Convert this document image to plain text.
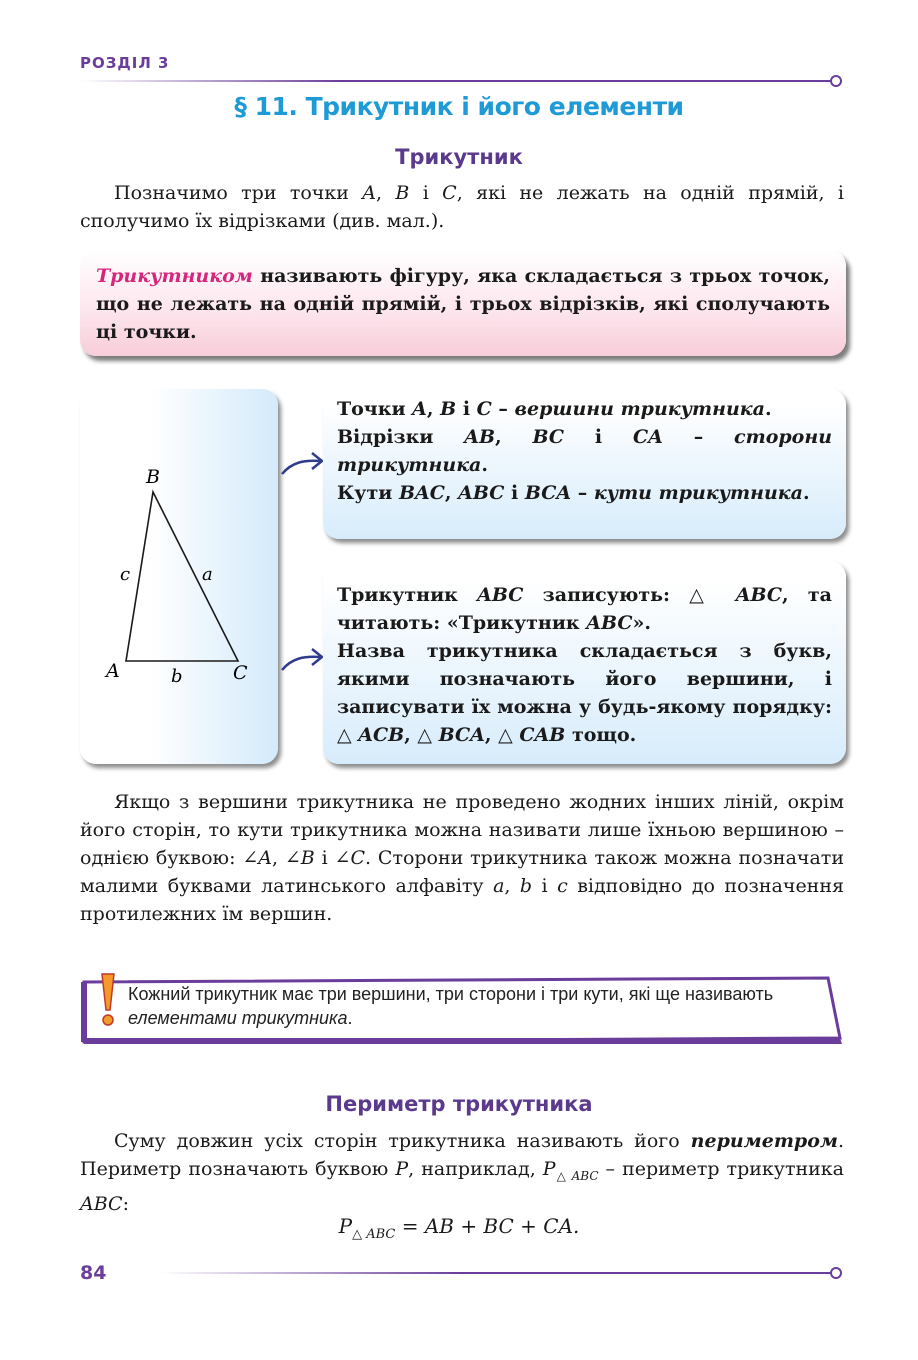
РОЗДІЛ 3
§ 11. Трикутник і його елементи
Трикутник

Позначимо три точки A, B і C, які не лежать на одній прямій, і сполучимо їх відрізками (див. мал.).

Трикутником називають фігуру, яка складається з трьох точок, що не лежать на одній прямій, і трьох відрізків, які сполучають ці точки.

B
A	C
c	a
b

Точки A, B і C – вершини трикутника.

Відрізки AB, BC і CA – сторони трикутника.

Кути BAC, ABC і BCA – кути трикутника.

Трикутник ABC записують: △ ABC, та читають: «Трикутник ABC».

Назва трикутника складається з букв, якими позначають його вершини, і записувати їх можна у будь-якому порядку: △ ACB, △ BCA, △ CAB тощо.

Якщо з вершини трикутника не проведено жодних інших ліній, окрім його сторін, то кути трикутника можна називати лише їхньою вершиною – однією буквою: ∠A, ∠B і ∠C. Сторони трикутника також можна позначати малими буквами латинського алфавіту a, b і c відповідно до позначення протилежних їм вершин.

Кожний трикутник має три вершини, три сторони і три кути, які ще називають елементами трикутника.

Периметр трикутника

Суму довжин усіх сторін трикутника називають його периметром. Периметр позначають буквою P, наприклад, $P_{\triangle ABC}$ – периметр трикутника ABC:

$P_{\triangle ABC}$ = AB + BC + CA.
84
